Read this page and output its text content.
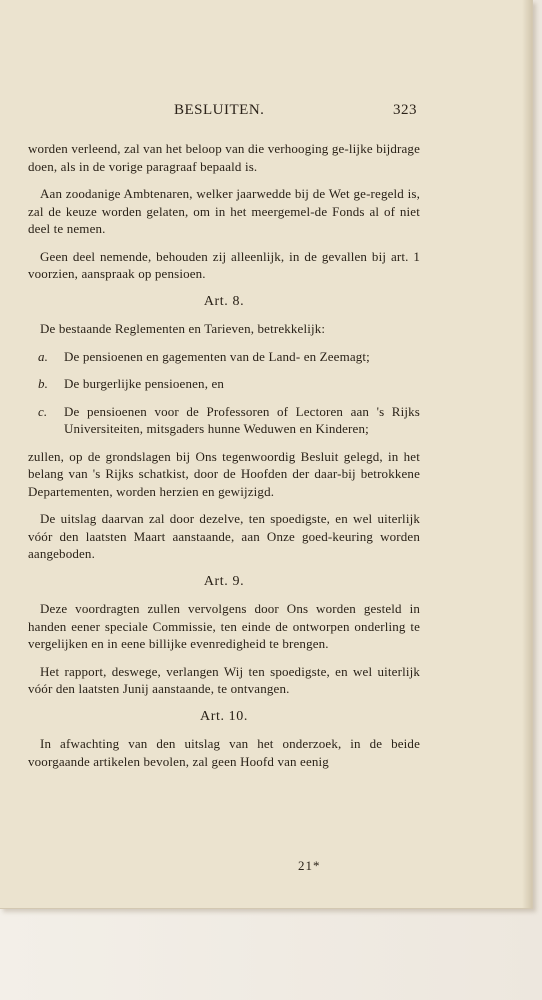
BESLUITEN.	323

worden verleend, zal van het beloop van die verhooging ge-lijke bijdrage doen, als in de vorige paragraaf bepaald is.

Aan zoodanige Ambtenaren, welker jaarwedde bij de Wet ge-regeld is, zal de keuze worden gelaten, om in het meergemel-de Fonds al of niet deel te nemen.

Geen deel nemende, behouden zij alleenlijk, in de gevallen bij art. 1 voorzien, aanspraak op pensioen.

Art. 8.

De bestaande Reglementen en Tarieven, betrekkelijk:

a.	De pensioenen en gagementen van de Land- en Zeemagt;
b.	De burgerlijke pensioenen, en
c.	De pensioenen voor de Professoren of Lectoren aan 's Rijks Universiteiten, mitsgaders hunne Weduwen en Kinderen;

zullen, op de grondslagen bij Ons tegenwoordig Besluit gelegd, in het belang van 's Rijks schatkist, door de Hoofden der daar-bij betrokkene Departementen, worden herzien en gewijzigd.

De uitslag daarvan zal door dezelve, ten spoedigste, en wel uiterlijk vóór den laatsten Maart aanstaande, aan Onze goed-keuring worden aangeboden.

Art. 9.

Deze voordragten zullen vervolgens door Ons worden gesteld in handen eener speciale Commissie, ten einde de ontworpen onderling te vergelijken en in eene billijke evenredigheid te brengen.

Het rapport, deswege, verlangen Wij ten spoedigste, en wel uiterlijk vóór den laatsten Junij aanstaande, te ontvangen.

Art. 10.

In afwachting van den uitslag van het onderzoek, in de beide voorgaande artikelen bevolen, zal geen Hoofd van eenig

21*
